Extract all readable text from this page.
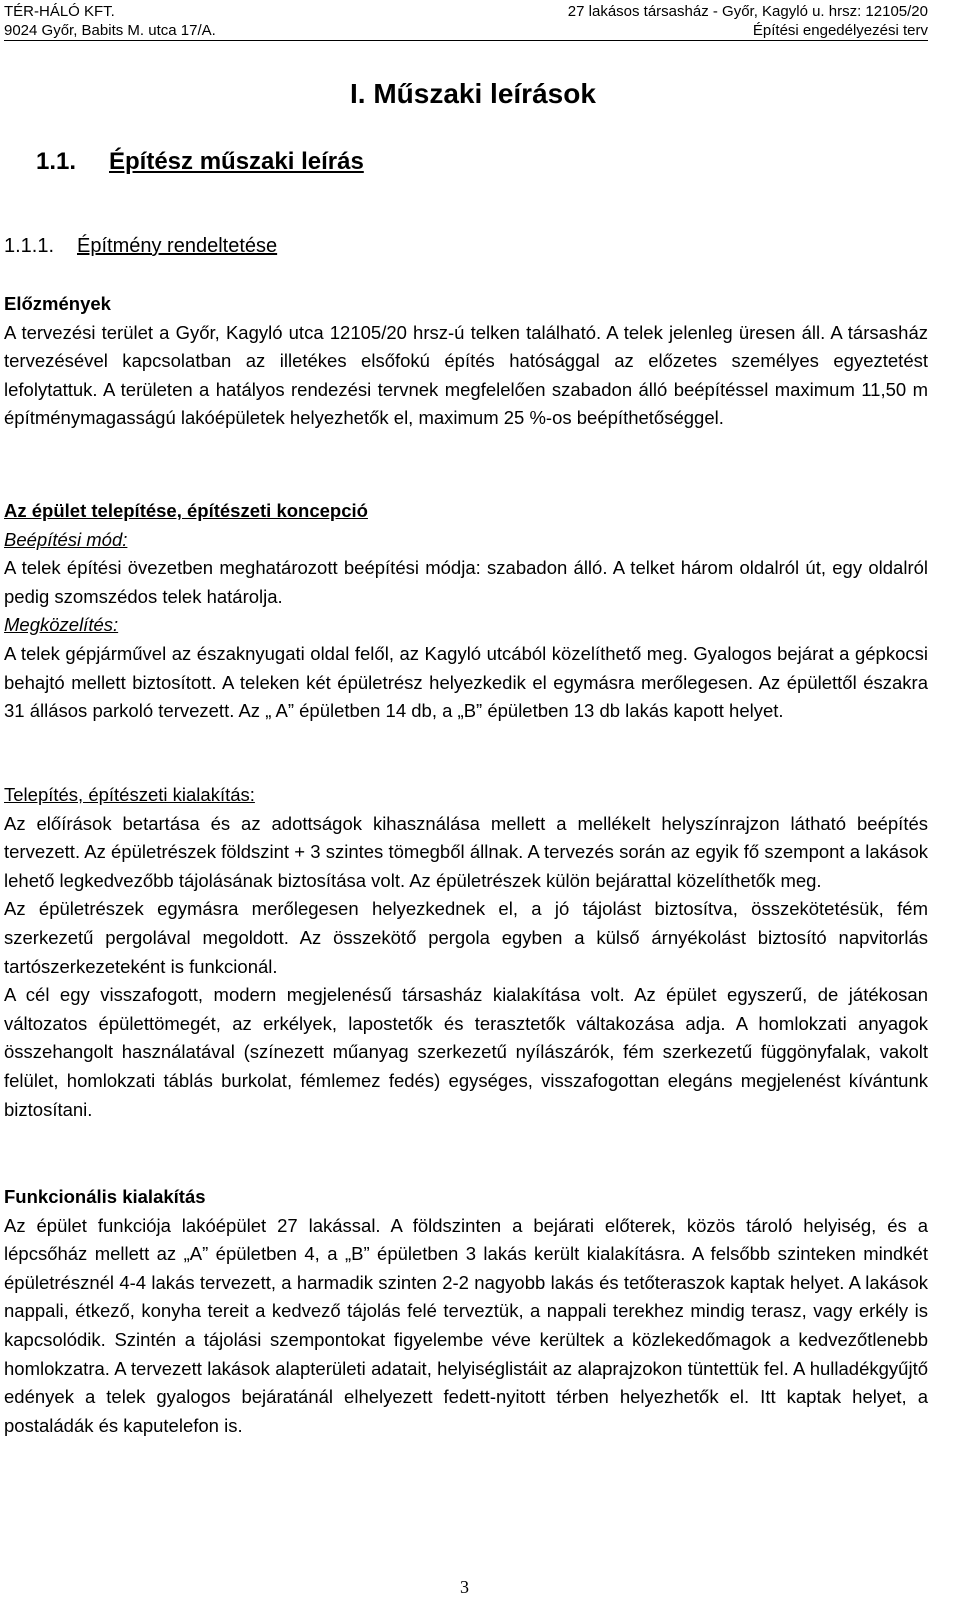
TÉR-HÁLÓ KFT.
9024 Győr, Babits M. utca 17/A.
27 lakásos társasház - Győr, Kagyló u. hrsz: 12105/20
Építési engedélyezési terv
I. Műszaki leírások
1.1. Építész műszaki leírás
1.1.1. Építmény rendeltetése

Előzmények

A tervezési terület a Győr, Kagyló utca 12105/20 hrsz-ú telken található. A telek jelenleg üresen áll. A társasház tervezésével kapcsolatban az illetékes elsőfokú építés hatósággal az előzetes személyes egyeztetést lefolytattuk. A területen a hatályos rendezési tervnek megfelelően szabadon álló beépítéssel maximum 11,50 m építménymagasságú lakóépületek helyezhetők el, maximum 25 %-os beépíthetőséggel.

Az épület telepítése, építészeti koncepció

Beépítési mód:

A telek építési övezetben meghatározott beépítési módja: szabadon álló. A telket három oldalról út, egy oldalról pedig szomszédos telek határolja.

Megközelítés:

A telek gépjárművel az északnyugati oldal felől, az Kagyló utcából közelíthető meg. Gyalogos bejárat a gépkocsi behajtó mellett biztosított. A teleken két épületrész helyezkedik el egymásra merőlegesen. Az épülettől északra 31 állásos parkoló tervezett. Az „ A” épületben 14 db, a „B” épületben 13 db lakás kapott helyet.

Telepítés, építészeti kialakítás:

Az előírások betartása és az adottságok kihasználása mellett a mellékelt helyszínrajzon látható beépítés tervezett. Az épületrészek földszint + 3 szintes tömegből állnak. A tervezés során az egyik fő szempont a lakások lehető legkedvezőbb tájolásának biztosítása volt. Az épületrészek külön bejárattal közelíthetők meg.

Az épületrészek egymásra merőlegesen helyezkednek el, a jó tájolást biztosítva, összekötetésük, fém szerkezetű pergolával megoldott. Az összekötő pergola egyben a külső árnyékolást biztosító napvitorlás tartószerkezeteként is funkcionál.

A cél egy visszafogott, modern megjelenésű társasház kialakítása volt. Az épület egyszerű, de játékosan változatos épülettömegét, az erkélyek, lapostetők és terasztetők váltakozása adja. A homlokzati anyagok összehangolt használatával (színezett műanyag szerkezetű nyílászárók, fém szerkezetű függönyfalak, vakolt felület, homlokzati táblás burkolat, fémlemez fedés) egységes, visszafogottan elegáns megjelenést kívántunk biztosítani.

Funkcionális kialakítás

Az épület funkciója lakóépület 27 lakással. A földszinten a bejárati előterek, közös tároló helyiség, és a lépcsőház mellett az „A” épületben 4, a „B” épületben 3 lakás került kialakításra. A felsőbb szinteken mindkét épületrésznél 4-4 lakás tervezett, a harmadik szinten 2-2 nagyobb lakás és tetőteraszok kaptak helyet. A lakások nappali, étkező, konyha tereit a kedvező tájolás felé terveztük, a nappali terekhez mindig terasz, vagy erkély is kapcsolódik. Szintén a tájolási szempontokat figyelembe véve kerültek a közlekedőmagok a kedvezőtlenebb homlokzatra. A tervezett lakások alapterületi adatait, helyiséglistáit az alaprajzokon tüntettük fel. A hulladékgyűjtő edények a telek gyalogos bejáratánál elhelyezett fedett-nyitott térben helyezhetők el. Itt kaptak helyet, a postaládák és kaputelefon is.

3
